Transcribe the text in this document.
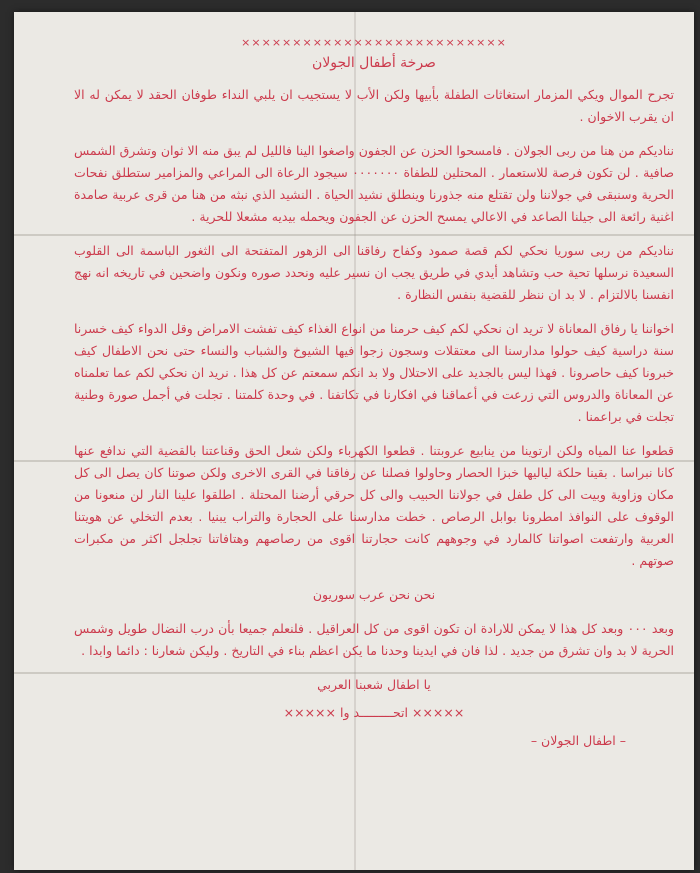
××××××××××××××××××××××××××
صرخة أطفال الجولان

تجرح الموال ويكي المزمار استغاثات الطفلة بأبيها ولكن الأب لا يستجيب ان يلبي النداء طوفان الحقد لا يمكن له الا ان يقرب الاخوان .

نناديكم من هنا من ربى الجولان . فامسحوا الحزن عن الجفون واصغوا الينا فالليل لم يبق منه الا ثوان وتشرق الشمس صافية . لن تكون فرصة للاستعمار . المحتلين للطفاة ٠٠٠٠٠٠٠ سيجود الرعاة الى المراعي والمزامير ستطلق نفحات الحرية وسنبقى في جولاننا ولن تقتلع منه جذورنا وينطلق نشيد الحياة . النشيد الذي نبثه من هنا من قرى عربية صامدة اغنية رائعة الى جيلنا الصاعد في الاعالي يمسح الحزن عن الجفون ويحمله بيديه مشعلا للحرية .

نناديكم من ربى سوريا نحكي لكم قصة صمود وكفاح رفاقنا الى الزهور المتفتحة الى الثغور الباسمة الى القلوب السعيدة نرسلها تحية حب وتشاهد أيدي في طريق يجب ان نسير عليه ونحدد صوره ونكون واضحين في تاريخه انه نهج انفسنا بالالتزام . لا بد ان ننظر للقضية بنفس النظارة .

اخواننا يا رفاق المعاناة لا تريد ان نحكي لكم كيف حرمنا من انواع الغذاء كيف تفشت الامراض وقل الدواء كيف خسرنا سنة دراسية كيف حولوا مدارسنا الى معتقلات وسجون زجوا فيها الشيوخ والشباب والنساء حتى نحن الاطفال كيف خبرونا كيف حاصرونا . فهذا ليس بالجديد على الاحتلال ولا بد انكم سمعتم عن كل هذا . نريد ان نحكي لكم عما تعلمناه عن المعاناة والدروس التي زرعت في أعماقنا في افكارنا في تكاتفنا . في وحدة كلمتنا . تجلت في أجمل صورة وطنية تجلت في براعمنا .

قطعوا عنا المياه ولكن ارتوينا من ينابيع عروبتنا . قطعوا الكهرباء ولكن شعل الحق وقناعتنا بالقضية التي ندافع عنها كانا نبراسا . بقينا حلكة لياليها خبزا الحصار وحاولوا فصلنا عن رفاقنا في القرى الاخرى ولكن صوتنا كان يصل الى كل مكان وزاوية وبيت الى كل طفل في جولاننا الحبيب والى كل حرقي أرضنا المحتلة . اطلقوا علينا النار لن منعونا من الوقوف على النوافذ امطرونا بوابل الرصاص . خطت مدارسنا على الحجارة والتراب يبنيا . بعدم التخلي عن هويتنا العربية وارتفعت اصواتنا كالمارد في وجوههم كانت حجارتنا اقوى من رصاصهم وهتافاتنا تجلجل اكثر من مكبرات صوتهم .

نحن نحن عرب سوريون

وبعد ٠٠٠ وبعد كل هذا لا يمكن للارادة ان تكون اقوى من كل العراقيل . فلنعلم جميعا بأن درب النضال طويل وشمس الحرية لا بد وان تشرق من جديد . لذا فان في ايدينا وحدنا ما يكن اعظم بناء في التاريخ . وليكن شعارنا : دائما وابدا .

يا اطفال شعبنا العربي
××××× اتحـــــــــد وا ×××××
– اطفال الجولان –
